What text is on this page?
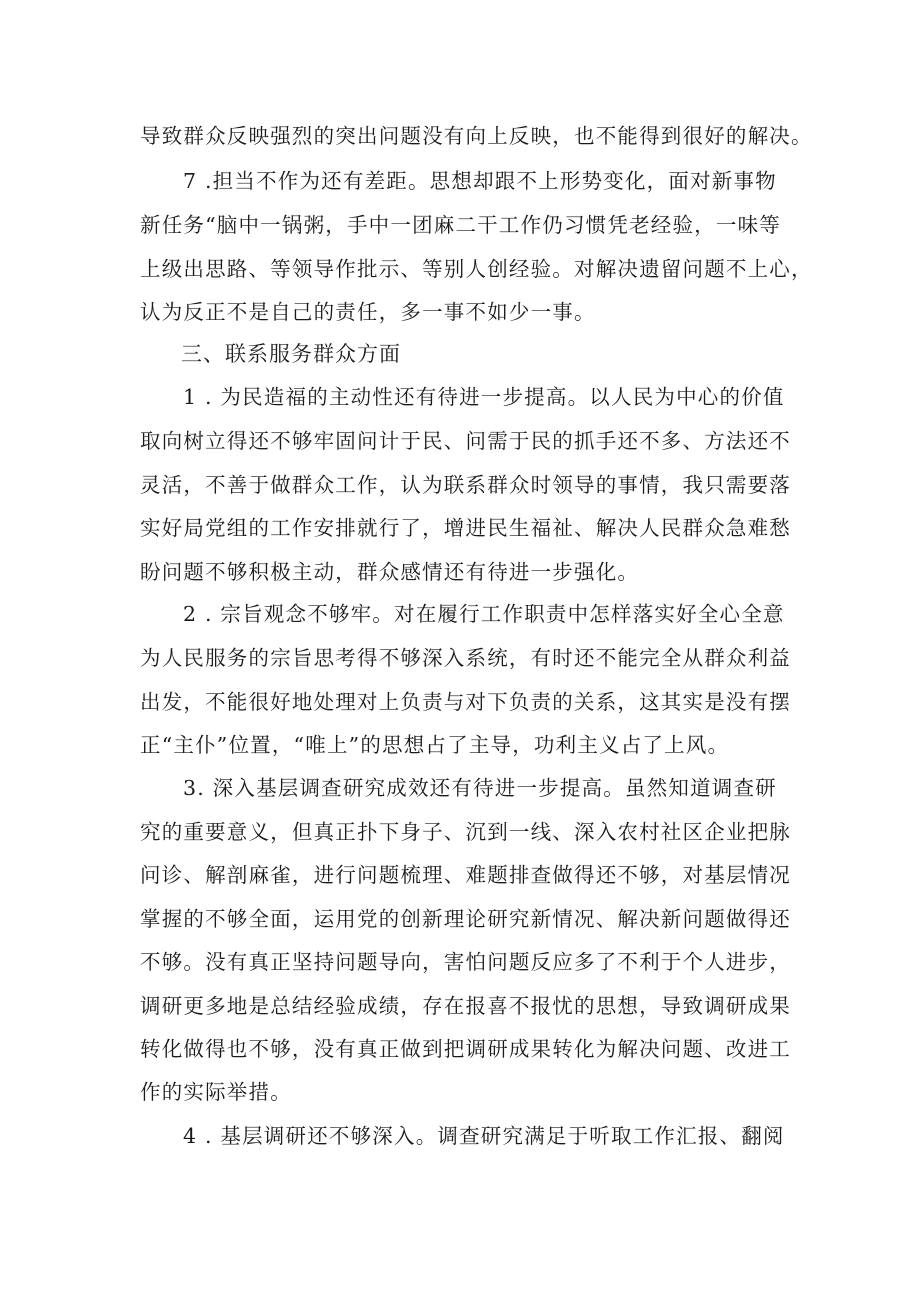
导致群众反映强烈的突出问题没有向上反映，也不能得到很好的解决。
7 .担当不作为还有差距。思想却跟不上形势变化，面对新事物
新任务“脑中一锅粥，手中一团麻二干工作仍习惯凭老经验，一味等
上级出思路、等领导作批示、等别人创经验。对解决遗留问题不上心，
认为反正不是自己的责任，多一事不如少一事。
三、联系服务群众方面
1 . 为民造福的主动性还有待进一步提高。以人民为中心的价值
取向树立得还不够牢固问计于民、问需于民的抓手还不多、方法还不
灵活，不善于做群众工作，认为联系群众时领导的事情，我只需要落
实好局党组的工作安排就行了，增进民生福祉、解决人民群众急难愁
盼问题不够积极主动，群众感情还有待进一步强化。
2 . 宗旨观念不够牢。对在履行工作职责中怎样落实好全心全意
为人民服务的宗旨思考得不够深入系统，有时还不能完全从群众利益
出发，不能很好地处理对上负责与对下负责的关系，这其实是没有摆
正“主仆”位置，“唯上”的思想占了主导，功利主义占了上风。
3. 深入基层调查研究成效还有待进一步提高。虽然知道调查研
究的重要意义，但真正扑下身子、沉到一线、深入农村社区企业把脉
问诊、解剖麻雀，进行问题梳理、难题排查做得还不够，对基层情况
掌握的不够全面，运用党的创新理论研究新情况、解决新问题做得还
不够。没有真正坚持问题导向，害怕问题反应多了不利于个人进步，
调研更多地是总结经验成绩，存在报喜不报忧的思想，导致调研成果
转化做得也不够，没有真正做到把调研成果转化为解决问题、改进工
作的实际举措。
4 . 基层调研还不够深入。调查研究满足于听取工作汇报、翻阅
